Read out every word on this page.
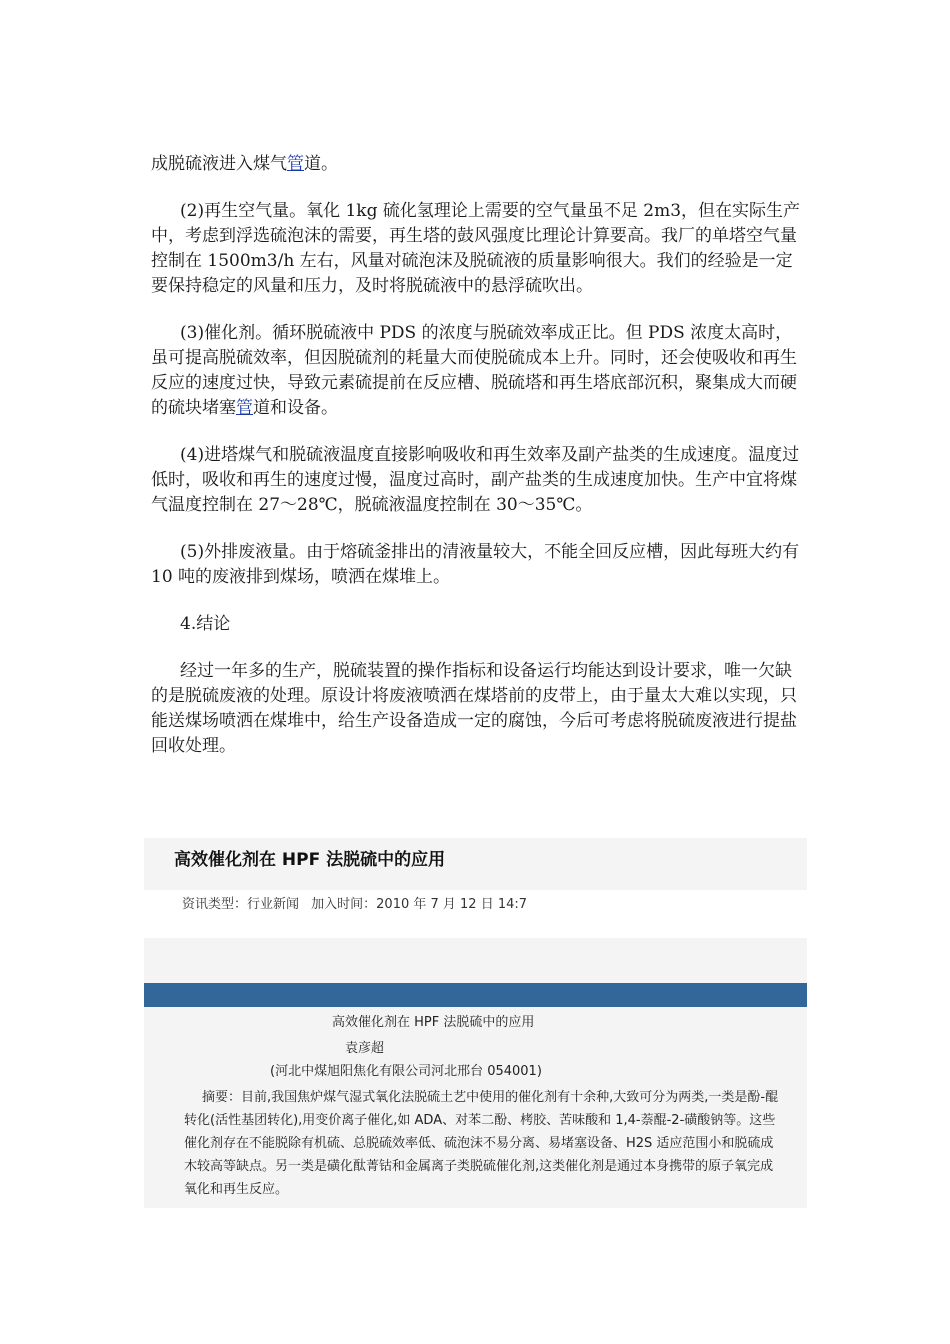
成脱硫液进入煤气管道。

(2)再生空气量。氧化 1kg 硫化氢理论上需要的空气量虽不足 2m3，但在实际生产中，考虑到浮选硫泡沫的需要，再生塔的鼓风强度比理论计算要高。我厂的单塔空气量控制在 1500m3/h 左右，风量对硫泡沫及脱硫液的质量影响很大。我们的经验是一定要保持稳定的风量和压力，及时将脱硫液中的悬浮硫吹出。

(3)催化剂。循环脱硫液中 PDS 的浓度与脱硫效率成正比。但 PDS 浓度太高时，虽可提高脱硫效率，但因脱硫剂的耗量大而使脱硫成本上升。同时，还会使吸收和再生反应的速度过快，导致元素硫提前在反应槽、脱硫塔和再生塔底部沉积，聚集成大而硬的硫块堵塞管道和设备。

(4)进塔煤气和脱硫液温度直接影响吸收和再生效率及副产盐类的生成速度。温度过低时，吸收和再生的速度过慢，温度过高时，副产盐类的生成速度加快。生产中宜将煤气温度控制在 27～28℃，脱硫液温度控制在 30～35℃。

(5)外排废液量。由于熔硫釜排出的清液量较大，不能全回反应槽，因此每班大约有 10 吨的废液排到煤场，喷洒在煤堆上。

4.结论

经过一年多的生产，脱硫装置的操作指标和设备运行均能达到设计要求，唯一欠缺的是脱硫废液的处理。原设计将废液喷洒在煤塔前的皮带上，由于量太大难以实现，只能送煤场喷洒在煤堆中，给生产设备造成一定的腐蚀，今后可考虑将脱硫废液进行提盐回收处理。

高效催化剂在 HPF 法脱硫中的应用
资讯类型：行业新闻 加入时间：2010 年 7 月 12 日 14:7
高效催化剂在 HPF 法脱硫中的应用
袁彦超
(河北中煤旭阳焦化有限公司河北邢台 054001)
摘要：目前,我国焦炉煤气湿式氧化法脱硫土艺中使用的催化剂有十余种,大致可分为两类,一类是酚-醌转化(活性基团转化),用变价离子催化,如 ADA、对苯二酚、栲胶、苦味酸和 1,4-萘醌-2-磺酸钠等。这些催化剂存在不能脱除有机硫、总脱硫效率低、硫泡沫不易分离、易堵塞设备、H2S 适应范围小和脱硫成木较高等缺点。另一类是磺化酞菁钴和金属离子类脱硫催化剂,这类催化剂是通过本身携带的原子氧完成氧化和再生反应。
